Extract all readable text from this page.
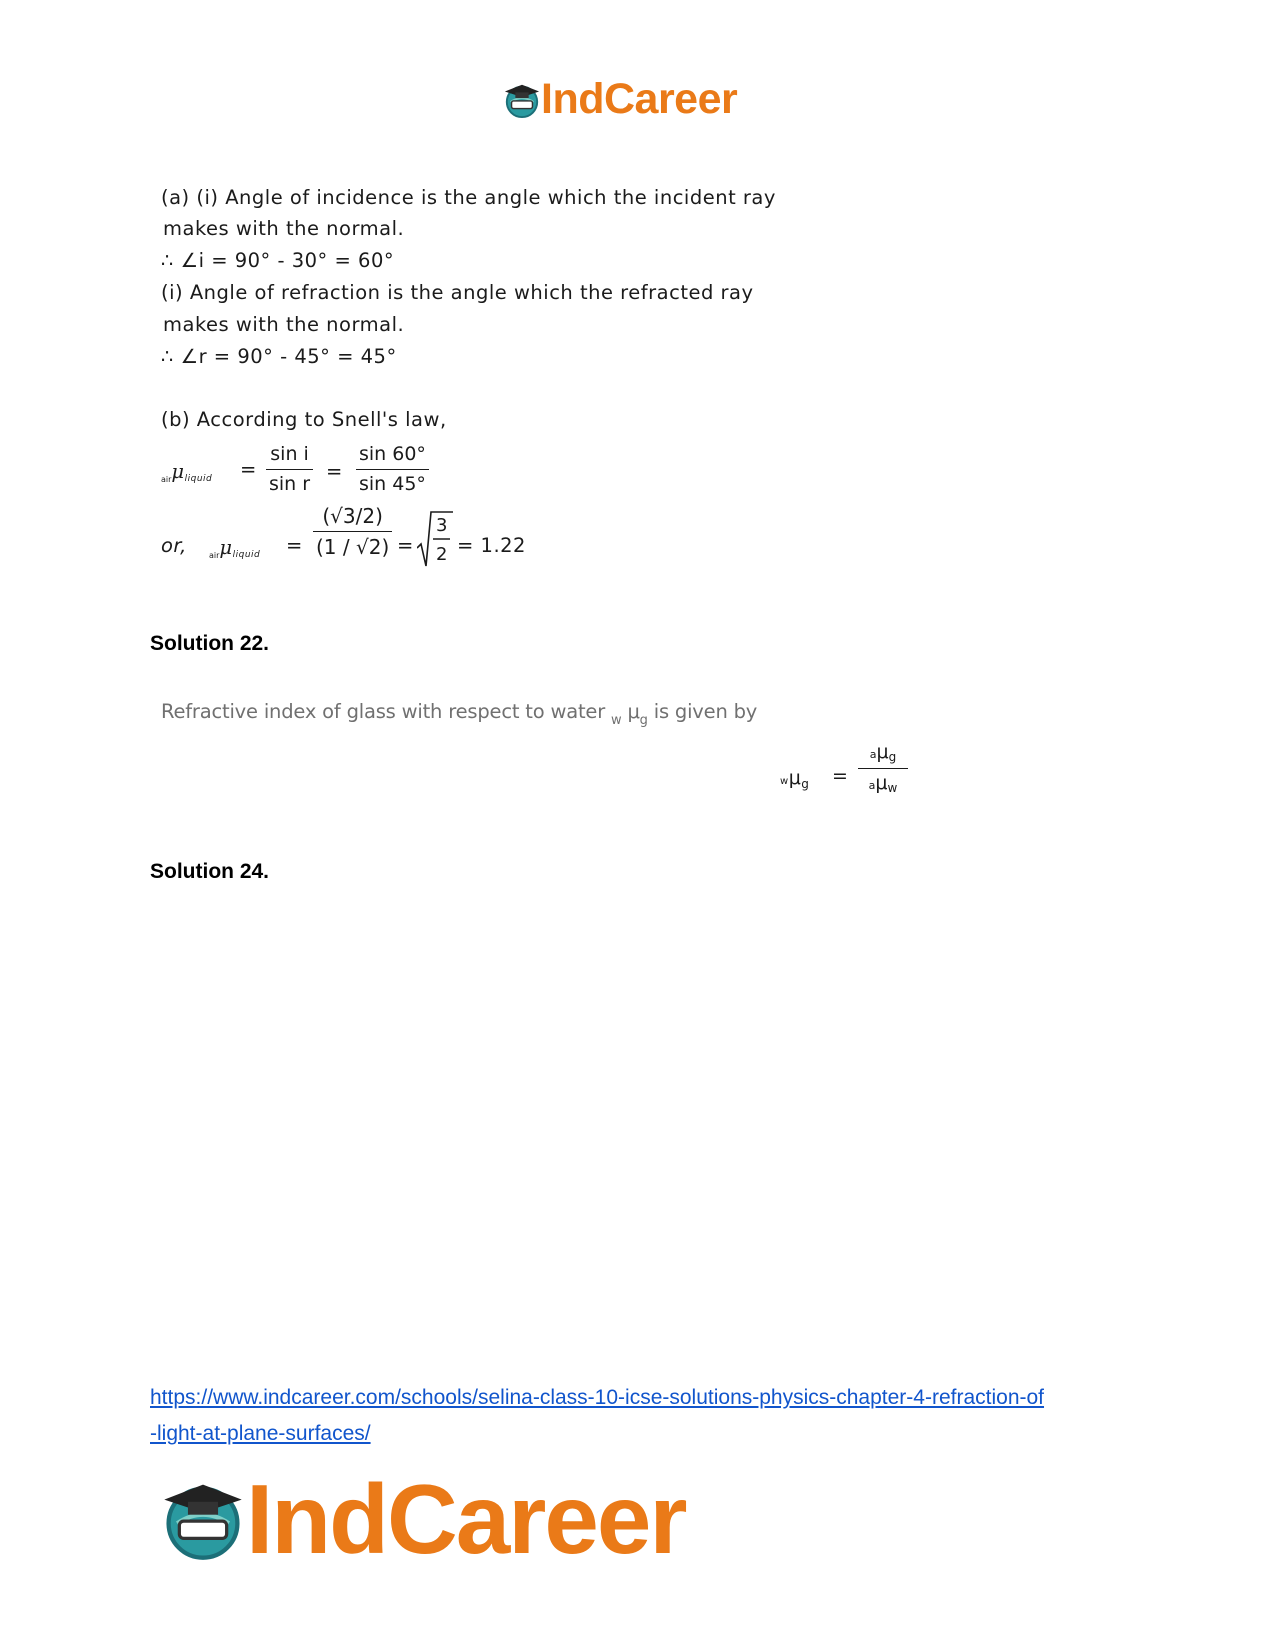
IndCareer
(a) (i) Angle of incidence is the angle which the incident ray
makes with the normal.
∴ ∠i = 90° - 30° = 60°
(i) Angle of refraction is the angle which the refracted ray
makes with the normal.
∴ ∠r = 90° - 45° = 45°
(b) According to Snell's law,
$_{air}$μliquid =
sin i
sin r
=
sin 60°
sin 45°
or,	$_{air}$μliquid =
(√3/2)
(1 / √2) =
3
2 = 1.22
Solution 22.
Refractive index of glass with respect to water $_w$ $\mu_g$ is given by
$w\mu_g$ =
aμg
aμw
Solution 24.
https://www.indcareer.com/schools/selina-class-10-icse-solutions-physics-chapter-4-refraction-of
-light-at-plane-surfaces/
IndCareer
